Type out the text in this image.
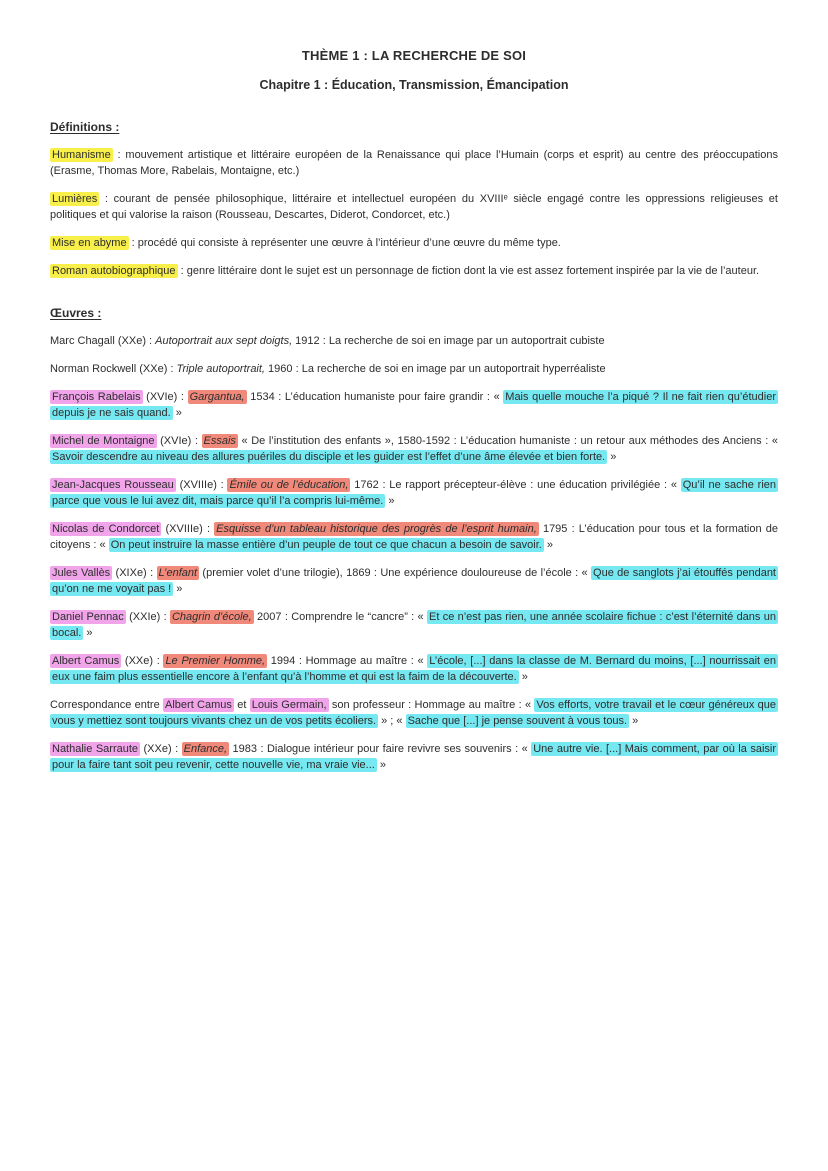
THÈME 1 : LA RECHERCHE DE SOI
Chapitre 1 : Éducation, Transmission, Émancipation
Définitions :

Humanisme : mouvement artistique et littéraire européen de la Renaissance qui place l’Humain (corps et esprit) au centre des préoccupations (Erasme, Thomas More, Rabelais, Montaigne, etc.)

Lumières : courant de pensée philosophique, littéraire et intellectuel européen du XVIIIᵉ siècle engagé contre les oppressions religieuses et politiques et qui valorise la raison (Rousseau, Descartes, Diderot, Condorcet, etc.)

Mise en abyme : procédé qui consiste à représenter une œuvre à l’intérieur d’une œuvre du même type.

Roman autobiographique : genre littéraire dont le sujet est un personnage de fiction dont la vie est assez fortement inspirée par la vie de l’auteur.

Œuvres :

Marc Chagall (XXe) : Autoportrait aux sept doigts, 1912 : La recherche de soi en image par un autoportrait cubiste

Norman Rockwell (XXe) : Triple autoportrait, 1960 : La recherche de soi en image par un autoportrait hyperréaliste

François Rabelais (XVIe) : Gargantua, 1534 : L’éducation humaniste pour faire grandir : « Mais quelle mouche l’a piqué ? Il ne fait rien qu’étudier depuis je ne sais quand. »

Michel de Montaigne (XVIe) : Essais « De l’institution des enfants », 1580-1592 : L’éducation humaniste : un retour aux méthodes des Anciens : « Savoir descendre au niveau des allures puériles du disciple et les guider est l’effet d’une âme élevée et bien forte. »

Jean-Jacques Rousseau (XVIIIe) : Émile ou de l’éducation, 1762 : Le rapport précepteur-élève : une éducation privilégiée : « Qu’il ne sache rien parce que vous le lui avez dit, mais parce qu’il l’a compris lui-même. »

Nicolas de Condorcet (XVIIIe) : Esquisse d’un tableau historique des progrès de l’esprit humain, 1795 : L’éducation pour tous et la formation de citoyens : « On peut instruire la masse entière d’un peuple de tout ce que chacun a besoin de savoir. »

Jules Vallès (XIXe) : L’enfant (premier volet d’une trilogie), 1869 : Une expérience douloureuse de l’école : « Que de sanglots j’ai étouffés pendant qu’on ne me voyait pas ! »

Daniel Pennac (XXIe) : Chagrin d’école, 2007 : Comprendre le “cancre” : « Et ce n’est pas rien, une année scolaire fichue : c’est l’éternité dans un bocal. »

Albert Camus (XXe) : Le Premier Homme, 1994 : Hommage au maître : « L’école, [...] dans la classe de M. Bernard du moins, [...] nourrissait en eux une faim plus essentielle encore à l’enfant qu’à l’homme et qui est la faim de la découverte. »

Correspondance entre Albert Camus et Louis Germain, son professeur : Hommage au maître : « Vos efforts, votre travail et le cœur généreux que vous y mettiez sont toujours vivants chez un de vos petits écoliers. » ; « Sache que [...] je pense souvent à vous tous. »

Nathalie Sarraute (XXe) : Enfance, 1983 : Dialogue intérieur pour faire revivre ses souvenirs : « Une autre vie. [...] Mais comment, par où la saisir pour la faire tant soit peu revenir, cette nouvelle vie, ma vraie vie... »
